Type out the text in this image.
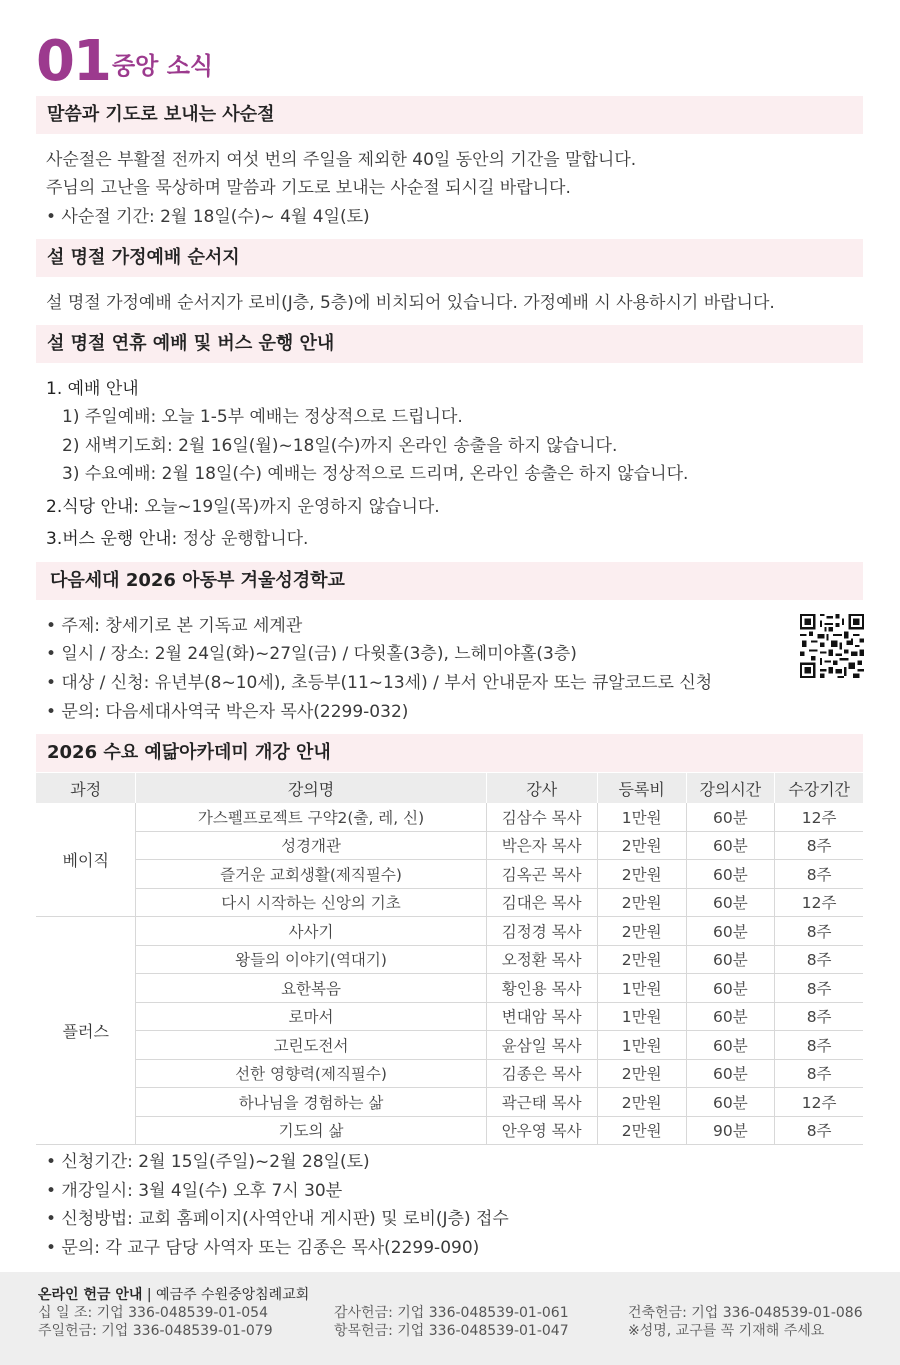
01 중앙 소식
말씀과 기도로 보내는 사순절
사순절은 부활절 전까지 여섯 번의 주일을 제외한 40일 동안의 기간을 말합니다.
주님의 고난을 묵상하며 말씀과 기도로 보내는 사순절 되시길 바랍니다.
• 사순절 기간: 2월 18일(수)~ 4월 4일(토)
설 명절 가정예배 순서지
설 명절 가정예배 순서지가 로비(J층, 5층)에 비치되어 있습니다. 가정예배 시 사용하시기 바랍니다.
설 명절 연휴 예배 및 버스 운행 안내
1. 예배 안내
1) 주일예배: 오늘 1-5부 예배는 정상적으로 드립니다.
2) 새벽기도회: 2월 16일(월)~18일(수)까지 온라인 송출을 하지 않습니다.
3) 수요예배: 2월 18일(수) 예배는 정상적으로 드리며, 온라인 송출은 하지 않습니다.
2.식당 안내: 오늘~19일(목)까지 운영하지 않습니다.
3.버스 운행 안내: 정상 운행합니다.
다음세대 2026 아동부 겨울성경학교
• 주제: 창세기로 본 기독교 세계관
• 일시 / 장소: 2월 24일(화)~27일(금) / 다윗홀(3층), 느헤미야홀(3층)
• 대상 / 신청: 유년부(8~10세), 초등부(11~13세) / 부서 안내문자 또는 큐알코드로 신청
• 문의: 다음세대사역국 박은자 목사(2299-032)
2026 수요 예닮아카데미 개강 안내
과정	강의명	강사	등록비	강의시간	수강기간
베이직	가스펠프로젝트 구약2(출, 레, 신)	김삼수 목사	1만원	60분	12주
	성경개관	박은자 목사	2만원	60분	8주
	즐거운 교회생활(제직필수)	김옥곤 목사	2만원	60분	8주
	다시 시작하는 신앙의 기초	김대은 목사	2만원	60분	12주
플러스	사사기	김정경 목사	2만원	60분	8주
	왕들의 이야기(역대기)	오정환 목사	2만원	60분	8주
	요한복음	황인용 목사	1만원	60분	8주
	로마서	변대암 목사	1만원	60분	8주
	고린도전서	윤삼일 목사	1만원	60분	8주
	선한 영향력(제직필수)	김종은 목사	2만원	60분	8주
	하나님을 경험하는 삶	곽근태 목사	2만원	60분	12주
	기도의 삶	안우영 목사	2만원	90분	8주
• 신청기간: 2월 15일(주일)~2월 28일(토)
• 개강일시: 3월 4일(수) 오후 7시 30분
• 신청방법: 교회 홈페이지(사역안내 게시판) 및 로비(J층) 접수
• 문의: 각 교구 담당 사역자 또는 김종은 목사(2299-090)
온라인 헌금 안내 | 예금주 수원중앙침례교회
십 일 조: 기업 336-048539-01-054	감사헌금: 기업 336-048539-01-061	건축헌금: 기업 336-048539-01-086
주일헌금: 기업 336-048539-01-079	항목헌금: 기업 336-048539-01-047	※성명, 교구를 꼭 기재해 주세요
